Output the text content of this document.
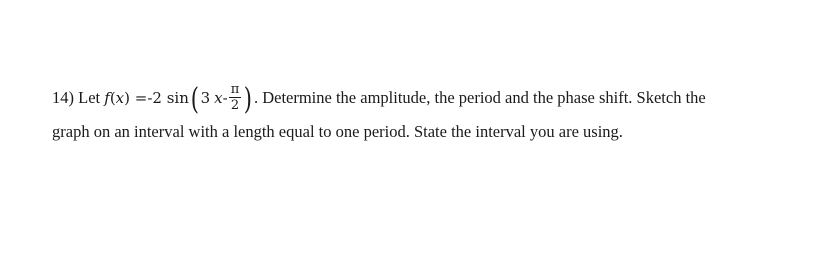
14) Let f(x) =-2 sin( 3 $x- \frac{\pi}{2}$ ) . Determine the amplitude, the period and the phase shift. Sketch the
graph on an interval with a length equal to one period. State the interval you are using.
